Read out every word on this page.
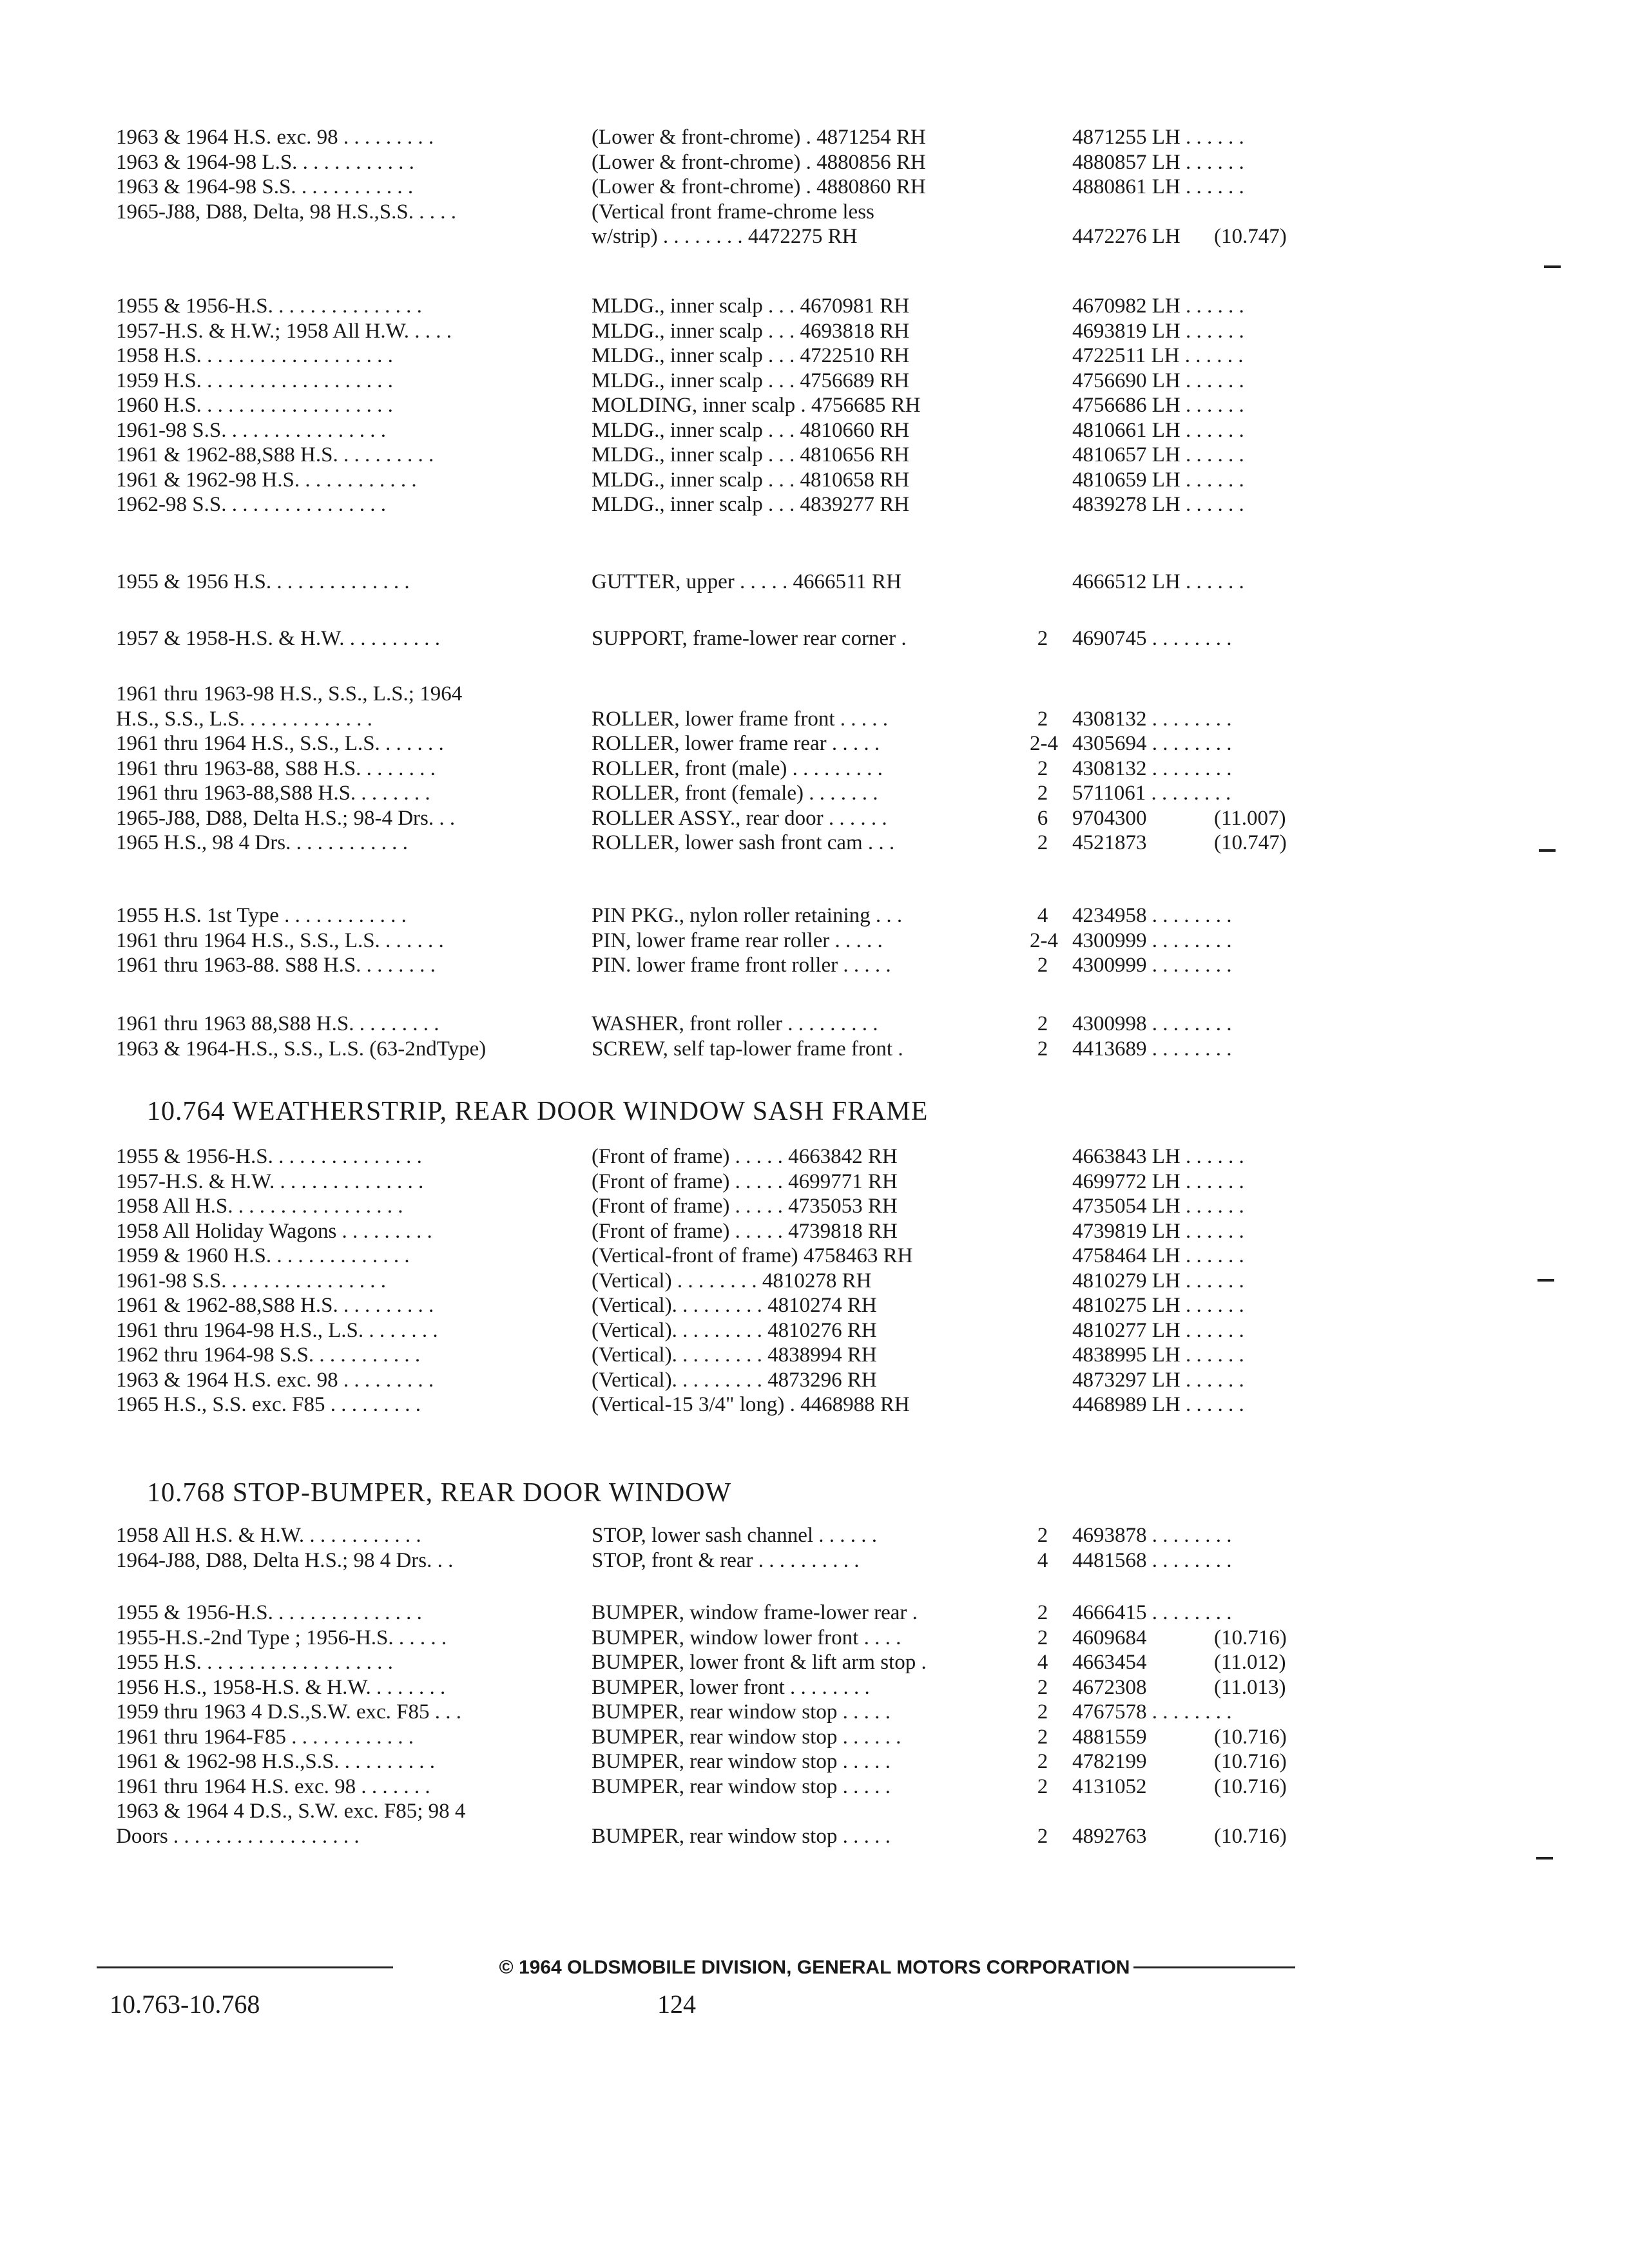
1963 & 1964 H.S. exc. 98 . . . . . . . . .	(Lower & front-chrome) . 4871254 RH	4871255 LH . . . . . .
1963 & 1964-98 L.S. . . . . . . . . . . .	(Lower & front-chrome) . 4880856 RH	4880857 LH . . . . . .
1963 & 1964-98 S.S. . . . . . . . . . . .	(Lower & front-chrome) . 4880860 RH	4880861 LH . . . . . .
1965-J88, D88, Delta, 98 H.S.,S.S. . . . .	(Vertical front frame-chrome less
w/strip) . . . . . . . . 4472275 RH	4472276 LH (10.747)
1955 & 1956-H.S. . . . . . . . . . . . . . .	MLDG., inner scalp . . . 4670981 RH	4670982 LH . . . . . .
1957-H.S. & H.W.; 1958 All H.W. . . . .	MLDG., inner scalp . . . 4693818 RH	4693819 LH . . . . . .
1958 H.S. . . . . . . . . . . . . . . . . . .	MLDG., inner scalp . . . 4722510 RH	4722511 LH . . . . . .
1959 H.S. . . . . . . . . . . . . . . . . . .	MLDG., inner scalp . . . 4756689 RH	4756690 LH . . . . . .
1960 H.S. . . . . . . . . . . . . . . . . . .	MOLDING, inner scalp . 4756685 RH	4756686 LH . . . . . .
1961-98 S.S. . . . . . . . . . . . . . . .	MLDG., inner scalp . . . 4810660 RH	4810661 LH . . . . . .
1961 & 1962-88,S88 H.S. . . . . . . . . .	MLDG., inner scalp . . . 4810656 RH	4810657 LH . . . . . .
1961 & 1962-98 H.S. . . . . . . . . . . .	MLDG., inner scalp . . . 4810658 RH	4810659 LH . . . . . .
1962-98 S.S. . . . . . . . . . . . . . . .	MLDG., inner scalp . . . 4839277 RH	4839278 LH . . . . . .
1955 & 1956 H.S. . . . . . . . . . . . . .	GUTTER, upper . . . . . 4666511 RH	4666512 LH . . . . . .
1957 & 1958-H.S. & H.W. . . . . . . . . .	SUPPORT, frame-lower rear corner .	2	4690745 . . . . . . . .
1961 thru 1963-98 H.S., S.S., L.S.; 1964
H.S., S.S., L.S. . . . . . . . . . . . .	ROLLER, lower frame front . . . . .	2	4308132 . . . . . . . .
1961 thru 1964 H.S., S.S., L.S. . . . . . .	ROLLER, lower frame rear . . . . .	2-4 4305694 . . . . . . . .
1961 thru 1963-88, S88 H.S. . . . . . . .	ROLLER, front (male) . . . . . . . . .	2	4308132 . . . . . . . .
1961 thru 1963-88,S88 H.S. . . . . . . .	ROLLER, front (female) . . . . . . .	2	5711061 . . . . . . . .
1965-J88, D88, Delta H.S.; 98-4 Drs. . .	ROLLER ASSY., rear door . . . . . .	6	9704300	(11.007)
1965 H.S., 98 4 Drs. . . . . . . . . . . .	ROLLER, lower sash front cam . . .	2	4521873	(10.747)
1955 H.S. 1st Type . . . . . . . . . . . .	PIN PKG., nylon roller retaining . . .	4	4234958 . . . . . . . .
1961 thru 1964 H.S., S.S., L.S. . . . . . .	PIN, lower frame rear roller . . . . .	2-4 4300999 . . . . . . . .
1961 thru 1963-88. S88 H.S. . . . . . . .	PIN. lower frame front roller . . . . .	2	4300999 . . . . . . . .
1961 thru 1963 88,S88 H.S. . . . . . . . .	WASHER, front roller . . . . . . . . .	2	4300998 . . . . . . . .
1963 & 1964-H.S., S.S., L.S. (63-2ndType)	SCREW, self tap-lower frame front .	2	4413689 . . . . . . . .
1955 & 1956-H.S. . . . . . . . . . . . . . .	(Front of frame) . . . . . 4663842 RH	4663843 LH . . . . . .
1957-H.S. & H.W. . . . . . . . . . . . . . .	(Front of frame) . . . . . 4699771 RH	4699772 LH . . . . . .
1958 All H.S. . . . . . . . . . . . . . . . .	(Front of frame) . . . . . 4735053 RH	4735054 LH . . . . . .
1958 All Holiday Wagons . . . . . . . . .	(Front of frame) . . . . . 4739818 RH	4739819 LH . . . . . .
1959 & 1960 H.S. . . . . . . . . . . . . .	(Vertical-front of frame) 4758463 RH	4758464 LH . . . . . .
1961-98 S.S. . . . . . . . . . . . . . . .	(Vertical) . . . . . . . . 4810278 RH	4810279 LH . . . . . .
1961 & 1962-88,S88 H.S. . . . . . . . . .	(Vertical). . . . . . . . . 4810274 RH	4810275 LH . . . . . .
1961 thru 1964-98 H.S., L.S. . . . . . . .	(Vertical). . . . . . . . . 4810276 RH	4810277 LH . . . . . .
1962 thru 1964-98 S.S. . . . . . . . . . .	(Vertical). . . . . . . . . 4838994 RH	4838995 LH . . . . . .
1963 & 1964 H.S. exc. 98 . . . . . . . . .	(Vertical). . . . . . . . . 4873296 RH	4873297 LH . . . . . .
1965 H.S., S.S. exc. F85 . . . . . . . . .	(Vertical-15 3/4" long) . 4468988 RH	4468989 LH . . . . . .
1958 All H.S. & H.W. . . . . . . . . . . .	STOP, lower sash channel . . . . . .	2	4693878 . . . . . . . .
1964-J88, D88, Delta H.S.; 98 4 Drs. . .	STOP, front & rear . . . . . . . . . .	4	4481568 . . . . . . . .
1955 & 1956-H.S. . . . . . . . . . . . . . .	BUMPER, window frame-lower rear .	2	4666415 . . . . . . . .
1955-H.S.-2nd Type ; 1956-H.S. . . . . .	BUMPER, window lower front . . . .	2	4609684	(10.716)
1955 H.S. . . . . . . . . . . . . . . . . . .	BUMPER, lower front & lift arm stop .	4	4663454	(11.012)
1956 H.S., 1958-H.S. & H.W. . . . . . . .	BUMPER, lower front . . . . . . . .	2	4672308	(11.013)
1959 thru 1963 4 D.S.,S.W. exc. F85 . . .	BUMPER, rear window stop . . . . .	2	4767578 . . . . . . . .
1961 thru 1964-F85 . . . . . . . . . . . .	BUMPER, rear window stop . . . . . .	2	4881559	(10.716)
1961 & 1962-98 H.S.,S.S. . . . . . . . . .	BUMPER, rear window stop . . . . .	2	4782199	(10.716)
1961 thru 1964 H.S. exc. 98 . . . . . . .	BUMPER, rear window stop . . . . .	2	4131052	(10.716)
1963 & 1964 4 D.S., S.W. exc. F85; 98 4
Doors . . . . . . . . . . . . . . . . . .	BUMPER, rear window stop . . . . .	2	4892763	(10.716)
10.764 WEATHERSTRIP, REAR DOOR WINDOW SASH FRAME
10.768 STOP-BUMPER, REAR DOOR WINDOW
© 1964 OLDSMOBILE DIVISION, GENERAL MOTORS CORPORATION
10.763-10.768	124
